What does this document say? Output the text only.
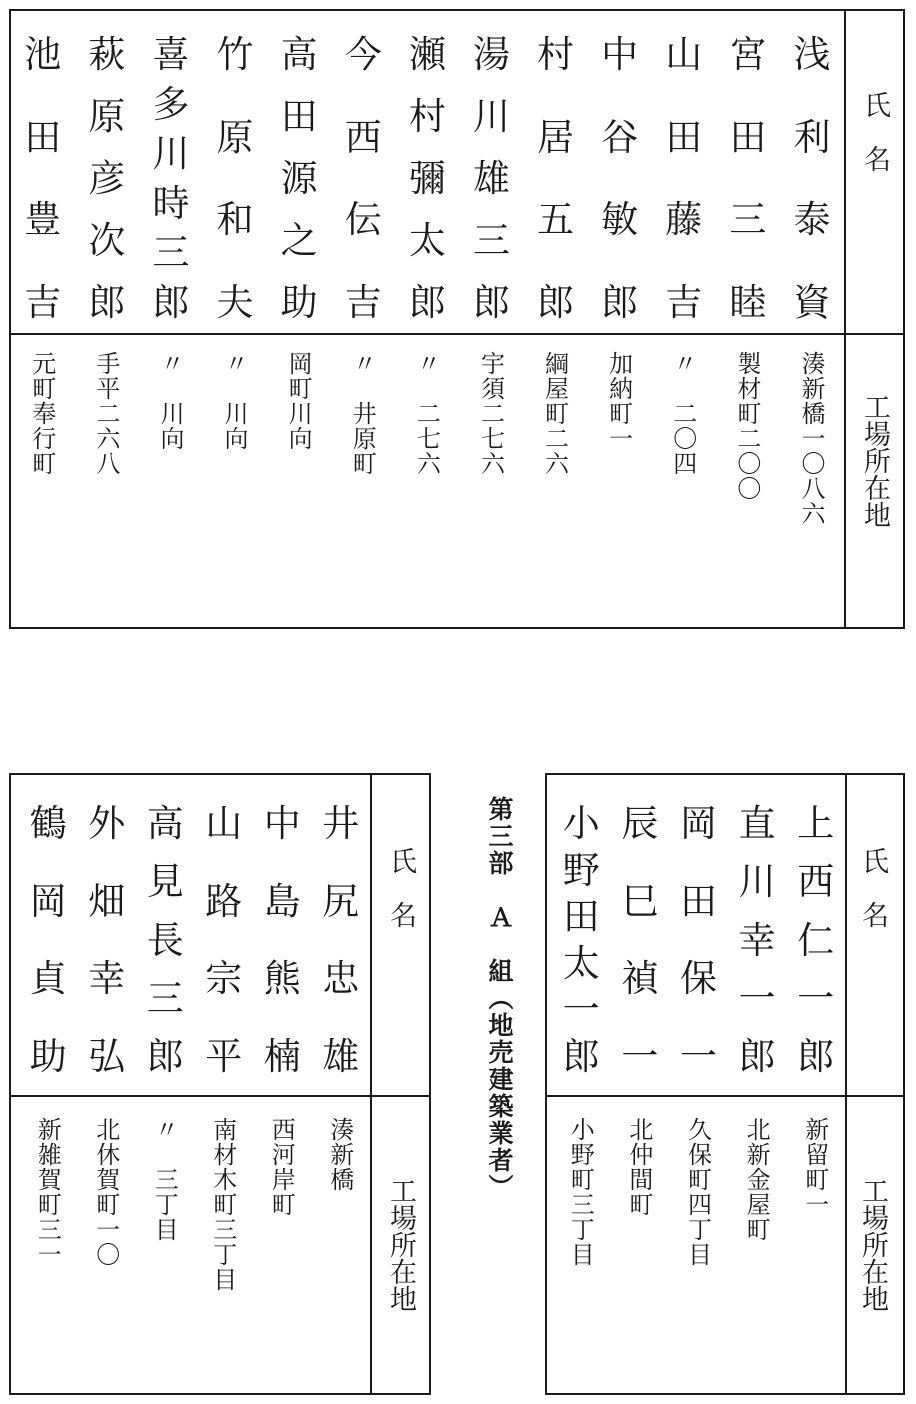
氏　名
工場所在地
浅
利
泰
資
宮
田
三
睦
山
田
藤
吉
中
谷
敏
郎
村
居
五
郎
湯
川
雄
三
郎
瀬
村
彌
太
郎
今
西
伝
吉
高
田
源
之
助
竹
原
和
夫
喜
多
川
時
三
郎
萩
原
彦
次
郎
池
田
豊
吉
湊新橋一〇八六
製材町二〇〇
〃　二〇四
加納町一
綱屋町二六
宇須二七六
〃　二七六
〃　井原町
岡町川向
〃　川向
〃　川向
手平二六八
元町奉行町
第三部　Ａ　組（地売建築業者）	氏　名
工場所在地
上
西
仁
一
郎
直
川
幸
一
郎
岡
田
保
一
辰
巳
禎
一
小
野
田
太
一
郎
新留町一
北新金屋町
久保町四丁目
北仲間町
小野町三丁目
氏　名
工場所在地
井
尻
忠
雄
中
島
熊
楠
山
路
宗
平
高
見
長
三
郎
外
畑
幸
弘
鶴
岡
貞
助
湊新橋
西河岸町
南材木町三丁目
〃　三丁目
北休賀町一〇
新雑賀町三一
